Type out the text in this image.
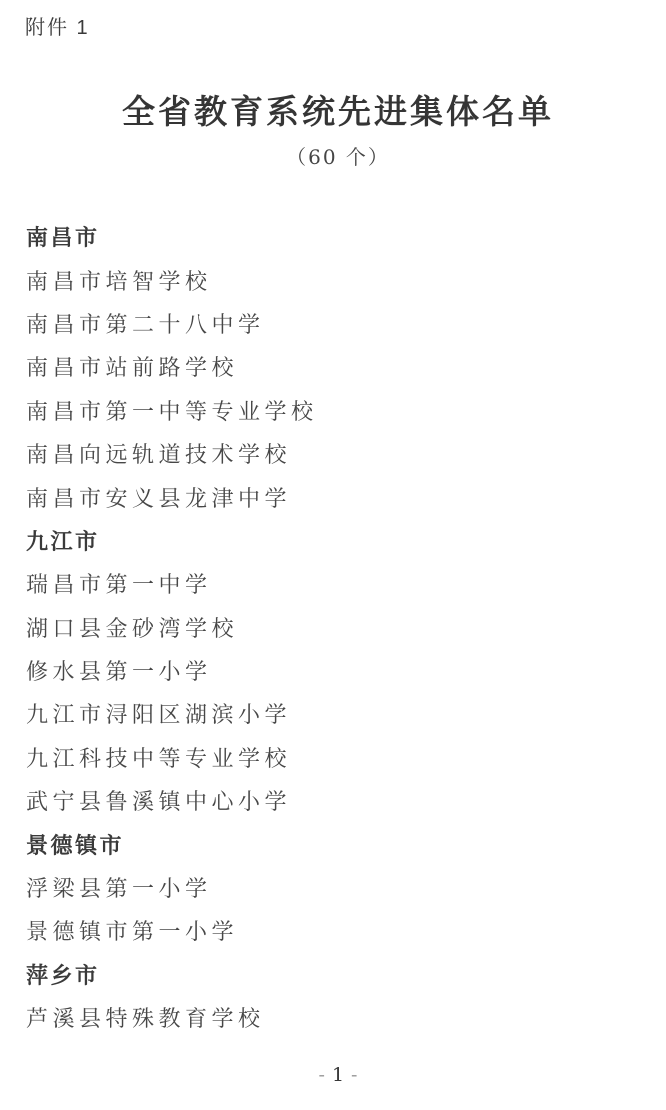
附件 1
全省教育系统先进集体名单
（60 个）
南昌市
南昌市培智学校
南昌市第二十八中学
南昌市站前路学校
南昌市第一中等专业学校
南昌向远轨道技术学校
南昌市安义县龙津中学
九江市
瑞昌市第一中学
湖口县金砂湾学校
修水县第一小学
九江市浔阳区湖滨小学
九江科技中等专业学校
武宁县鲁溪镇中心小学
景德镇市
浮梁县第一小学
景德镇市第一小学
萍乡市
芦溪县特殊教育学校
- 1 -
